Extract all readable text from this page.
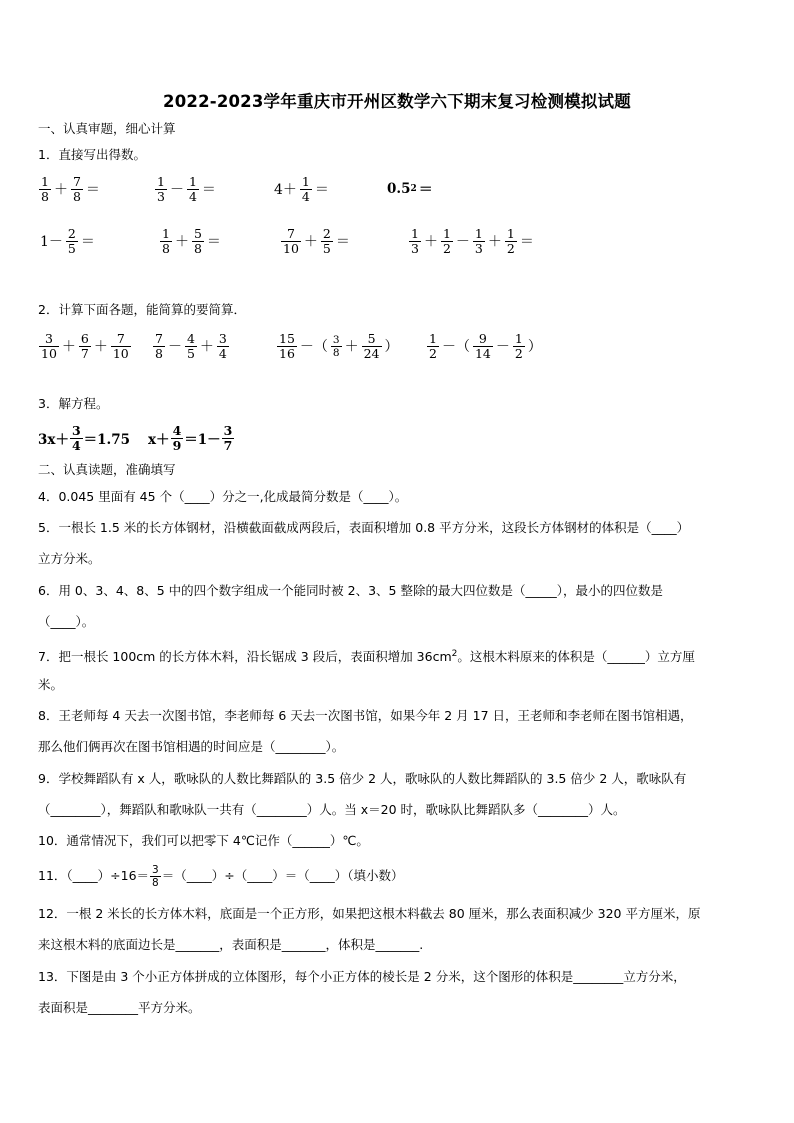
2022-2023学年重庆市开州区数学六下期末复习检测模拟试题
一、认真审题，细心计算
1．直接写出得数。
$\frac{1}{8} + \frac{7}{8}$ ＝	$\frac{1}{3} - \frac{1}{4}$ ＝	$4+ \frac{1}{4}$ ＝	0.5 2 ＝
$1- \frac{2}{5}$ ＝	$\frac{1}{8} + \frac{5}{8}$ ＝	$\frac{7}{10} + \frac{2}{5}$ ＝	$\frac{1}{3} + \frac{1}{2} - \frac{1}{3} + \frac{1}{2}$ ＝
2．计算下面各题，能简算的要简算．
$\frac{3}{10} + \frac{6}{7} + \frac{7}{10} \frac{7}{8} - \frac{4}{5} + \frac{3}{4}$	$\frac{15}{16}$ －（ $\frac{3}{8} + \frac{5}{24}$ ） $\frac{1}{2}$ －（ $\frac{9}{14} - \frac{1}{2}$ ）
3．解方程。
$3x+ \frac{3}{4} =1.75$ $x+ \frac{4}{9} =1- \frac{3}{7}$
二、认真读题，准确填写
4．0.045 里面有 45 个（____）分之一,化成最简分数是（____）。
5．一根长 1.5 米的长方体钢材，沿横截面截成两段后，表面积增加 0.8 平方分米，这段长方体钢材的体积是（____）
立方分米。
6．用 0、3、4、8、5 中的四个数字组成一个能同时被 2、3、5 整除的最大四位数是（_____），最小的四位数是
（____）。
7．把一根长 100cm 的长方体木料，沿长锯成 3 段后，表面积增加 $36cm^2$。这根木料原来的体积是（______）立方厘
米。
8．王老师每 4 天去一次图书馆，李老师每 6 天去一次图书馆，如果今年 2 月 17 日，王老师和李老师在图书馆相遇，
那么他们俩再次在图书馆相遇的时间应是（________）。
9．学校舞蹈队有 x 人，歌咏队的人数比舞蹈队的 3.5 倍少 2 人，歌咏队的人数比舞蹈队的 3.5 倍少 2 人，歌咏队有
（________），舞蹈队和歌咏队一共有（________）人。当 x＝20 时，歌咏队比舞蹈队多（________）人。
10．通常情况下，我们可以把零下 4℃记作（______）℃。
11．（____）÷16＝ $\frac{3}{8}$ ＝（____）÷（____）＝（____）（填小数）
12．一根 2 米长的长方体木料，底面是一个正方形，如果把这根木料截去 80 厘米，那么表面积减少 320 平方厘米，原
来这根木料的底面边长是_______，表面积是_______，体积是_______.
13．下图是由 3 个小正方体拼成的立体图形，每个小正方体的棱长是 2 分米，这个图形的体积是________立方分米，
表面积是________平方分米。
